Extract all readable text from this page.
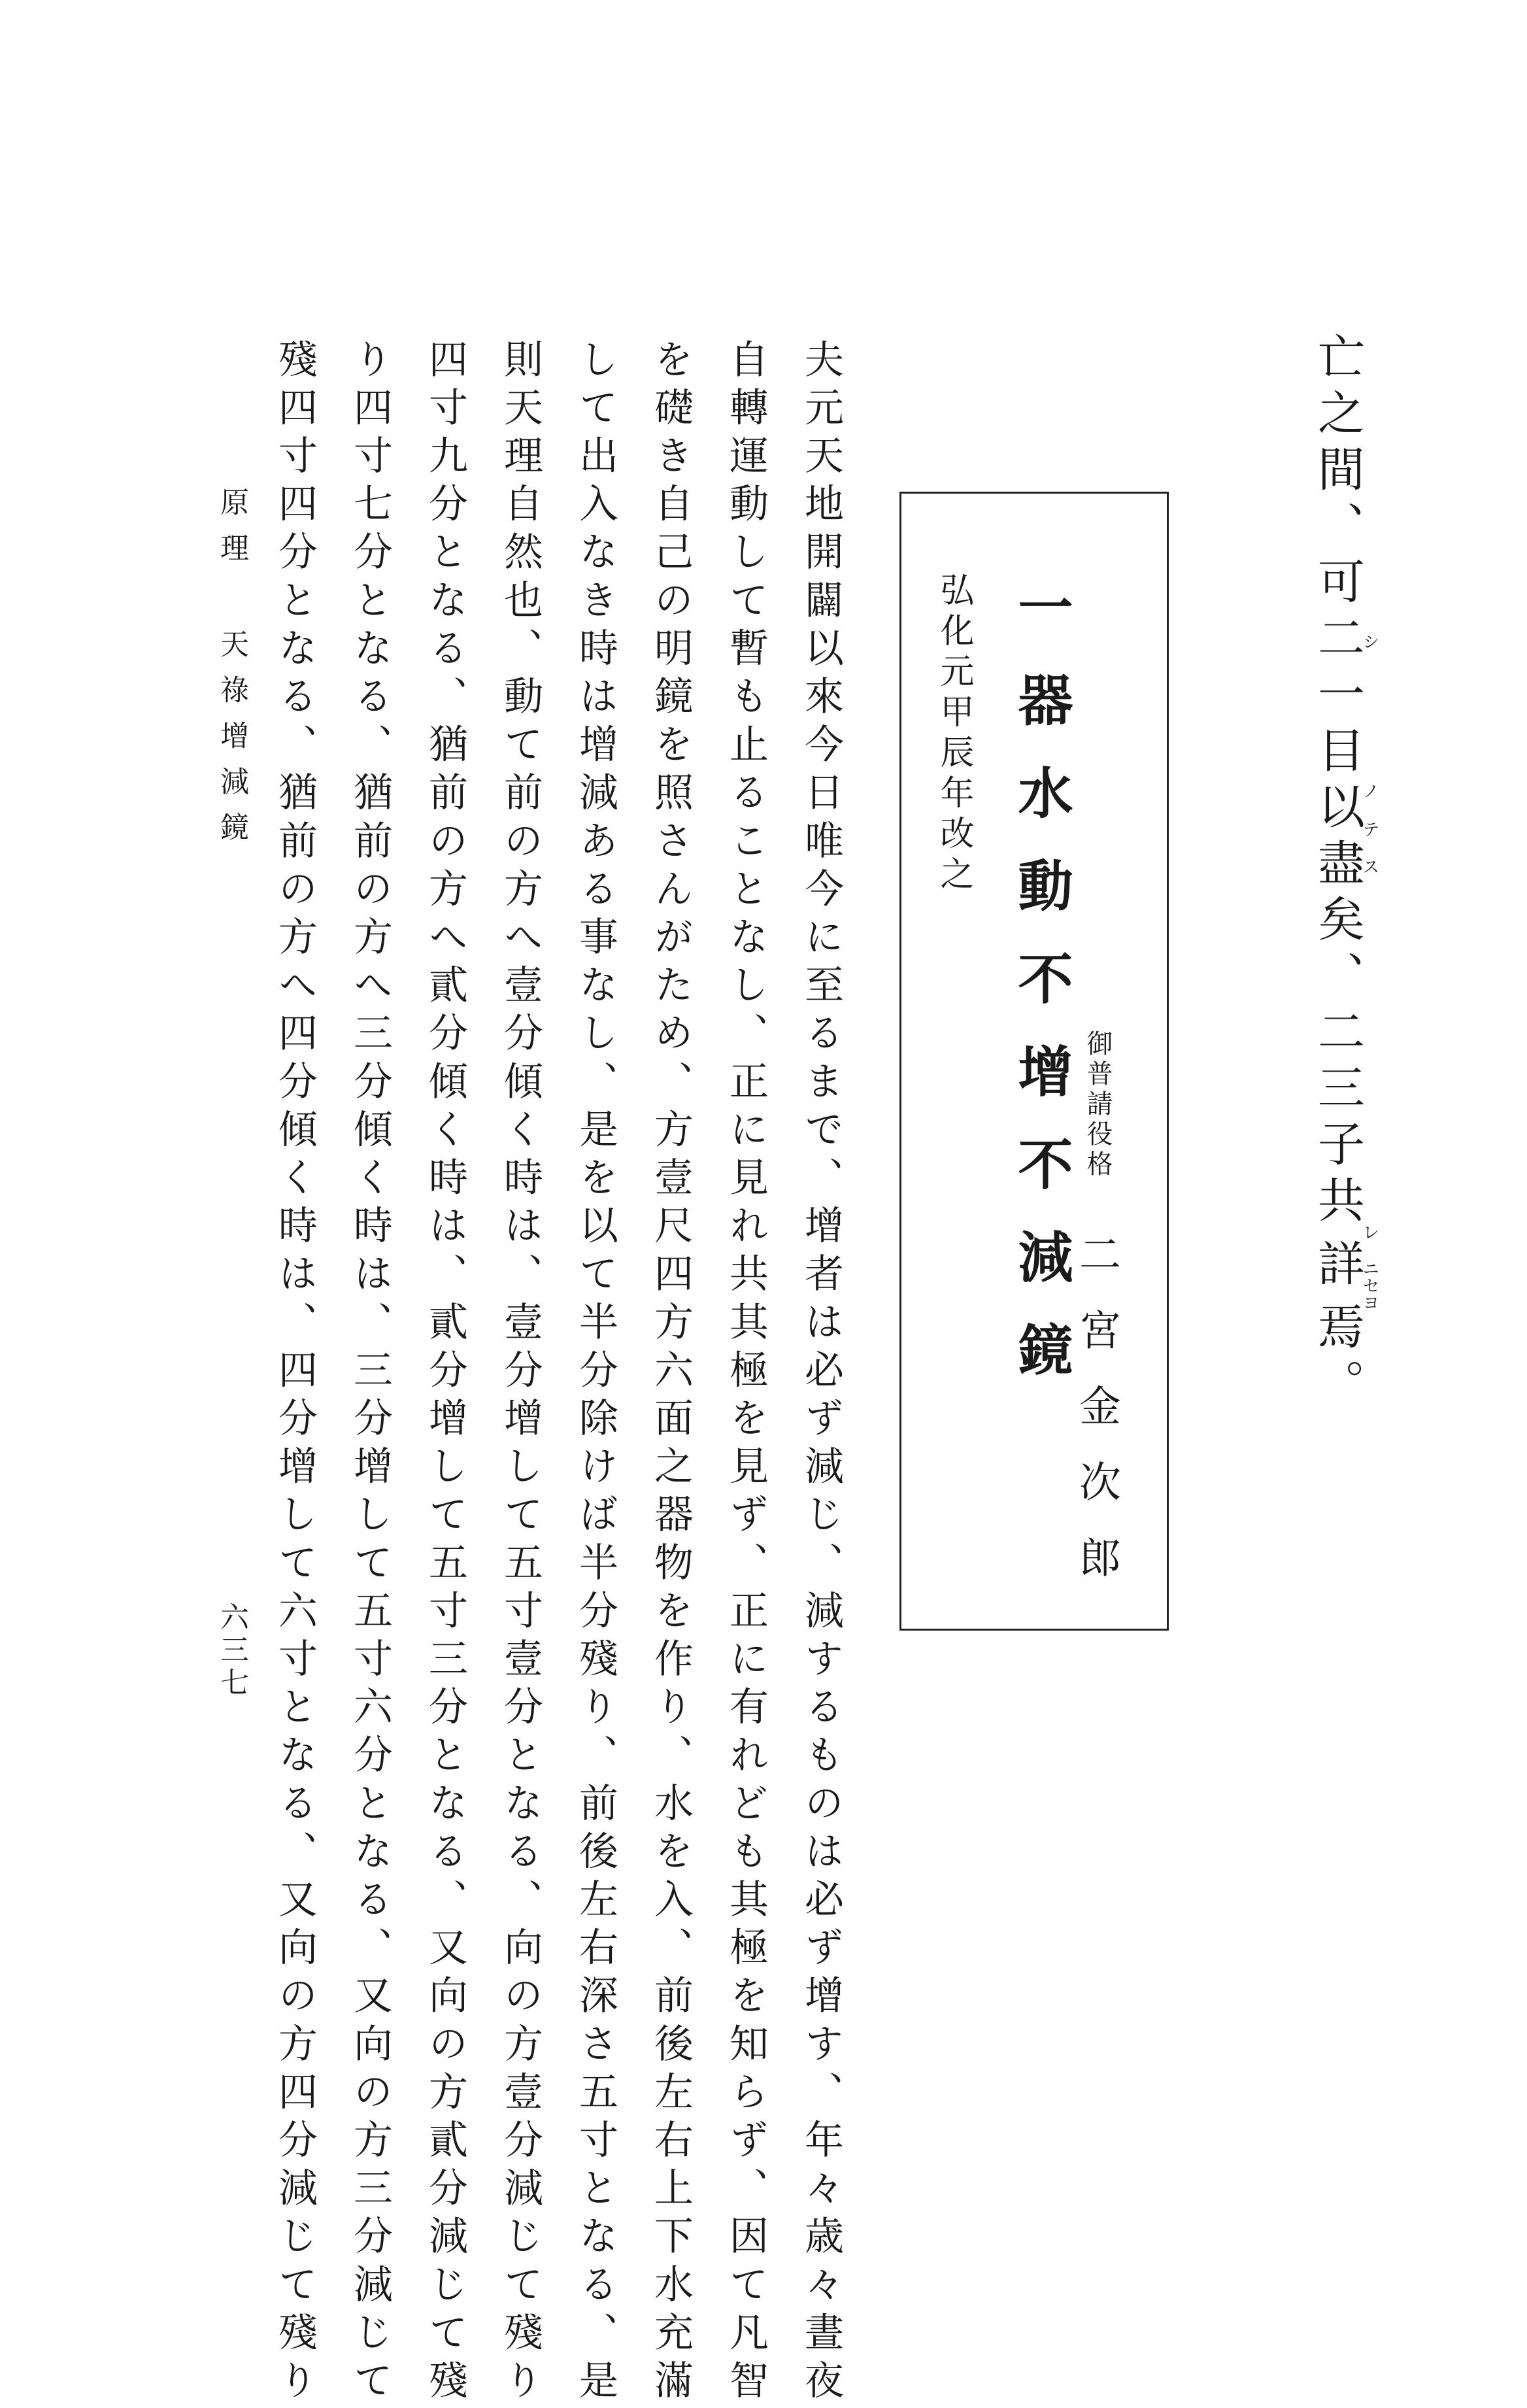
亡之間、可二シ一目以ノ テ盡ス矣、二三子共詳レ ニセヨ焉。
弘化元甲辰年改之 一器水動不增不減鏡 御普請役格
二宮金次郎
夫元天地開闢以來今日唯今に至るまで、增者は必ず減じ、減するものは必ず增す、年々歳々晝夜
自轉運動して暫も止ることなし、正に見れ共其極を見ず、正に有れども其極を知らず、因て凡智
を礎き自己の明鏡を照さんがため、方壹尺四方六面之器物を作り、水を入、前後左右上下水充滿
して出入なき時は增減ある事なし、是を以て半分除けば半分殘り、前後左右深さ五寸となる、是
則天理自然也、動て前の方へ壹分傾く時は、壹分增して五寸壹分となる、向の方壹分減じて殘り
四寸九分となる、猶前の方へ貳分傾く時は、貳分增して五寸三分となる、又向の方貳分減じて殘
り四寸七分となる、猶前の方へ三分傾く時は、三分增して五寸六分となる、又向の方三分減じて
殘四寸四分となる、猶前の方へ四分傾く時は、四分增して六寸となる、又向の方四分減じて殘り
原理 天祿增減鏡
六三七
